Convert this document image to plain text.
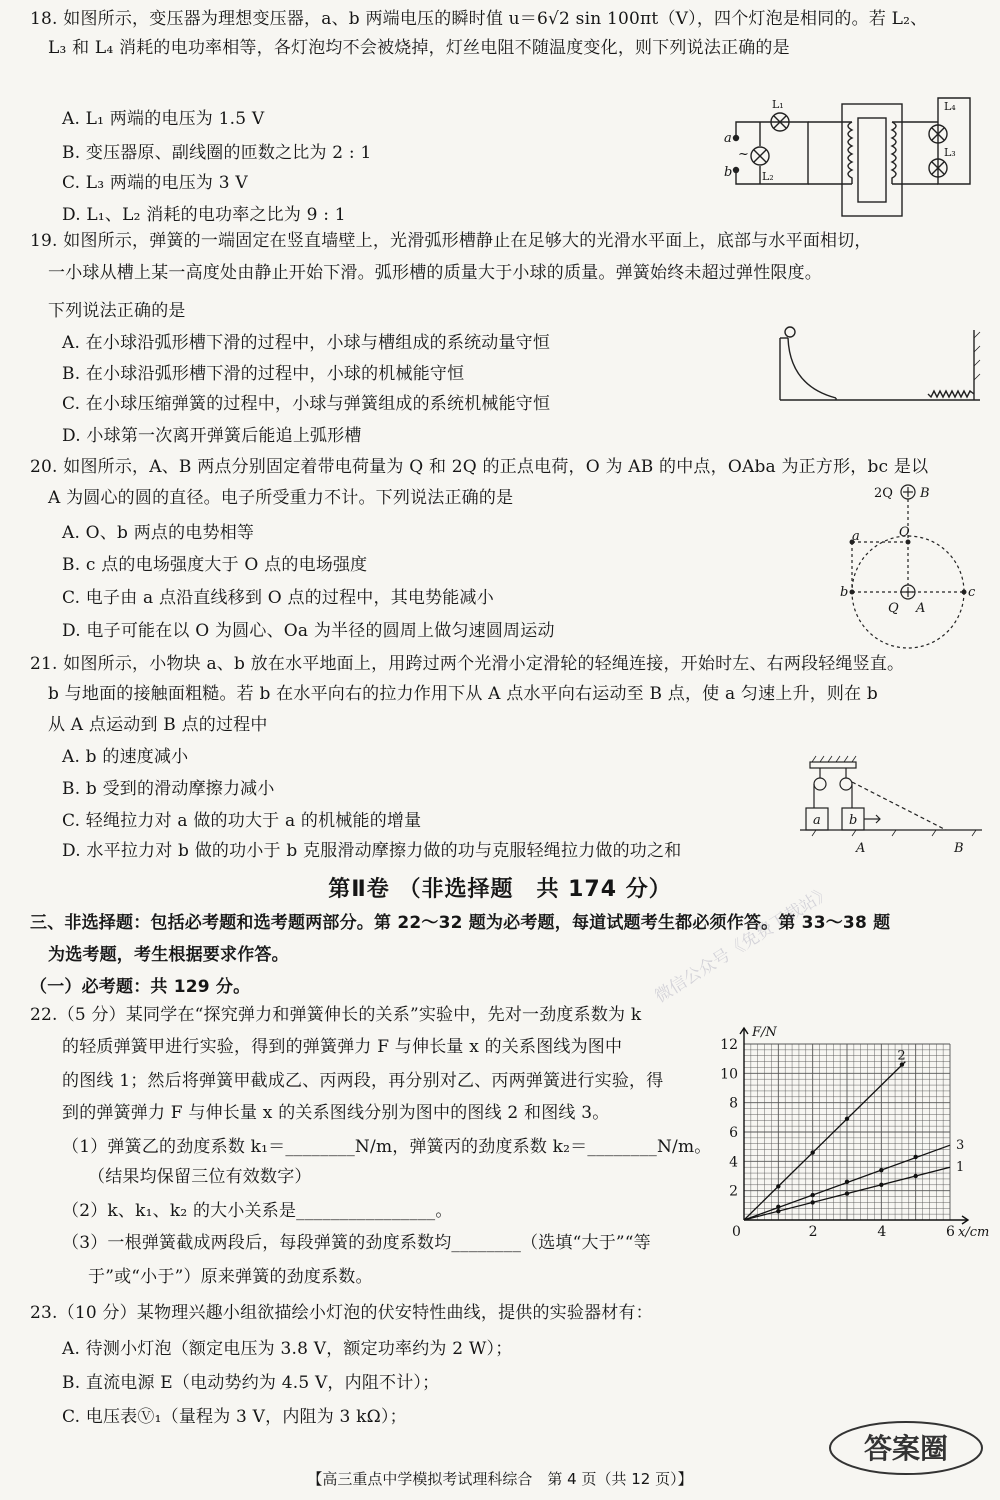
18. 如图所示，变压器为理想变压器，a、b 两端电压的瞬时值 u＝6√2 sin 100πt（V），四个灯泡是相同的。若 L₂、
L₃ 和 L₄ 消耗的电功率相等，各灯泡均不会被烧掉，灯丝电阻不随温度变化，则下列说法正确的是
A. L₁ 两端的电压为 1.5 V
B. 变压器原、副线圈的匝数之比为 2 : 1
C. L₃ 两端的电压为 3 V
D. L₁、L₂ 消耗的电功率之比为 9 : 1
a
b
~
L₁
L₂
L₄
L₃
19. 如图所示，弹簧的一端固定在竖直墙壁上，光滑弧形槽静止在足够大的光滑水平面上，底部与水平面相切，
一小球从槽上某一高度处由静止开始下滑。弧形槽的质量大于小球的质量。弹簧始终未超过弹性限度。
下列说法正确的是
A. 在小球沿弧形槽下滑的过程中，小球与槽组成的系统动量守恒
B. 在小球沿弧形槽下滑的过程中，小球的机械能守恒
C. 在小球压缩弹簧的过程中，小球与弹簧组成的系统机械能守恒
D. 小球第一次离开弹簧后能追上弧形槽
20. 如图所示，A、B 两点分别固定着带电荷量为 Q 和 2Q 的正点电荷，O 为 AB 的中点，OAba 为正方形，bc 是以
A 为圆心的圆的直径。电子所受重力不计。下列说法正确的是
A. O、b 两点的电势相等
B. c 点的电场强度大于 O 点的电场强度
C. 电子由 a 点沿直线移到 O 点的过程中，其电势能减小
D. 电子可能在以 O 为圆心、Oa 为半径的圆周上做匀速圆周运动
2Q B
a	O
b
Q A
c
21. 如图所示，小物块 a、b 放在水平地面上，用跨过两个光滑小定滑轮的轻绳连接，开始时左、右两段轻绳竖直。
b 与地面的接触面粗糙。若 b 在水平向右的拉力作用下从 A 点水平向右运动至 B 点，使 a 匀速上升，则在 b
从 A 点运动到 B 点的过程中
A. b 的速度减小
B. b 受到的滑动摩擦力减小
C. 轻绳拉力对 a 做的功大于 a 的机械能的增量
D. 水平拉力对 b 做的功小于 b 克服滑动摩擦力做的功与克服轻绳拉力做的功之和
a b
A	B
第Ⅱ卷 （非选择题　共 174 分）
三、非选择题：包括必考题和选考题两部分。第 22～32 题为必考题，每道试题考生都必须作答。第 33～38 题
为选考题，考生根据要求作答。
（一）必考题：共 129 分。
22.（5 分）某同学在“探究弹力和弹簧伸长的关系”实验中，先对一劲度系数为 k
的轻质弹簧甲进行实验，得到的弹簧弹力 F 与伸长量 x 的关系图线为图中
的图线 1；然后将弹簧甲截成乙、丙两段，再分别对乙、丙两弹簧进行实验，得
到的弹簧弹力 F 与伸长量 x 的关系图线分别为图中的图线 2 和图线 3。
（1）弹簧乙的劲度系数 k₁＝________N/m，弹簧丙的劲度系数 k₂＝________N/m。
（结果均保留三位有效数字）
（2）k、k₁、k₂ 的大小关系是________________。
（3）一根弹簧截成两段后，每段弹簧的劲度系数均________（选填“大于”“等
于”或“小于”）原来弹簧的劲度系数。
2
3
1
0	2	4	6
2
4
6
8
10
12
x/cm
F/N
23.（10 分）某物理兴趣小组欲描绘小灯泡的伏安特性曲线，提供的实验器材有：
A. 待测小灯泡（额定电压为 3.8 V，额定功率约为 2 W）；
B. 直流电源 E（电动势约为 4.5 V，内阻不计）；
C. 电压表Ⓥ₁（量程为 3 V，内阻为 3 kΩ）；
【高三重点中学模拟考试理科综合　第 4 页（共 12 页）】
微信公众号《免费下载站》
答案圈
